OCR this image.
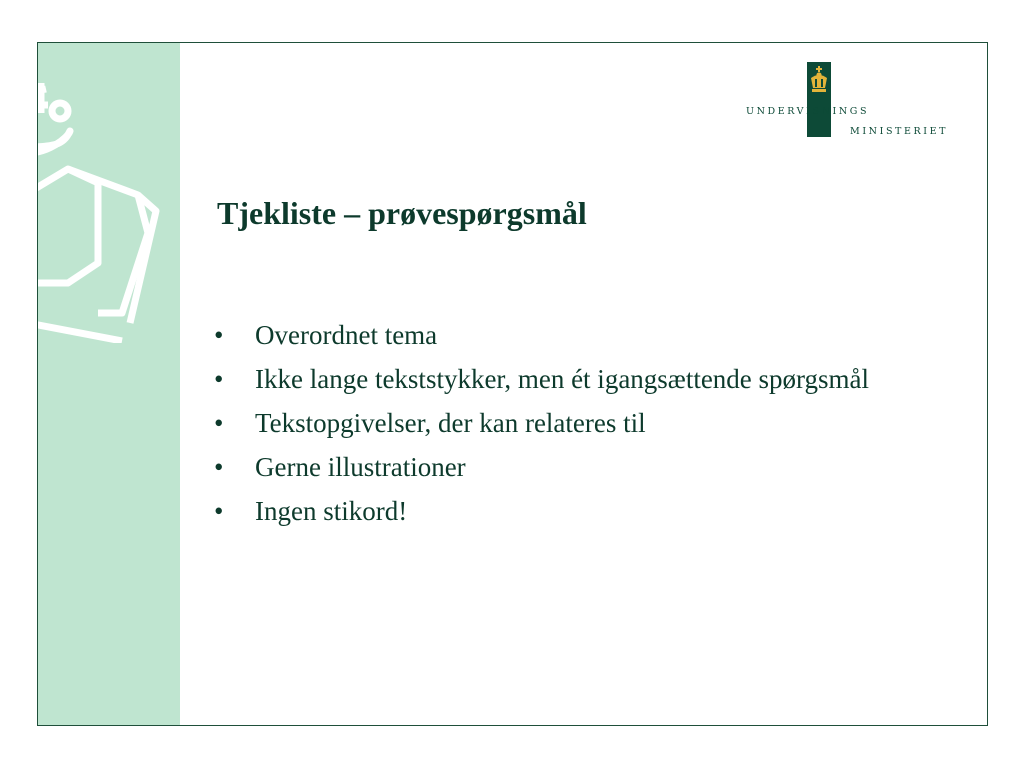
UNDERVISNINGS
MINISTERIET
Tjekliste – prøvespørgsmål
• Overordnet tema
• Ikke lange tekststykker, men ét igangsættende spørgsmål
• Tekstopgivelser, der kan relateres til
• Gerne illustrationer
• Ingen stikord!
